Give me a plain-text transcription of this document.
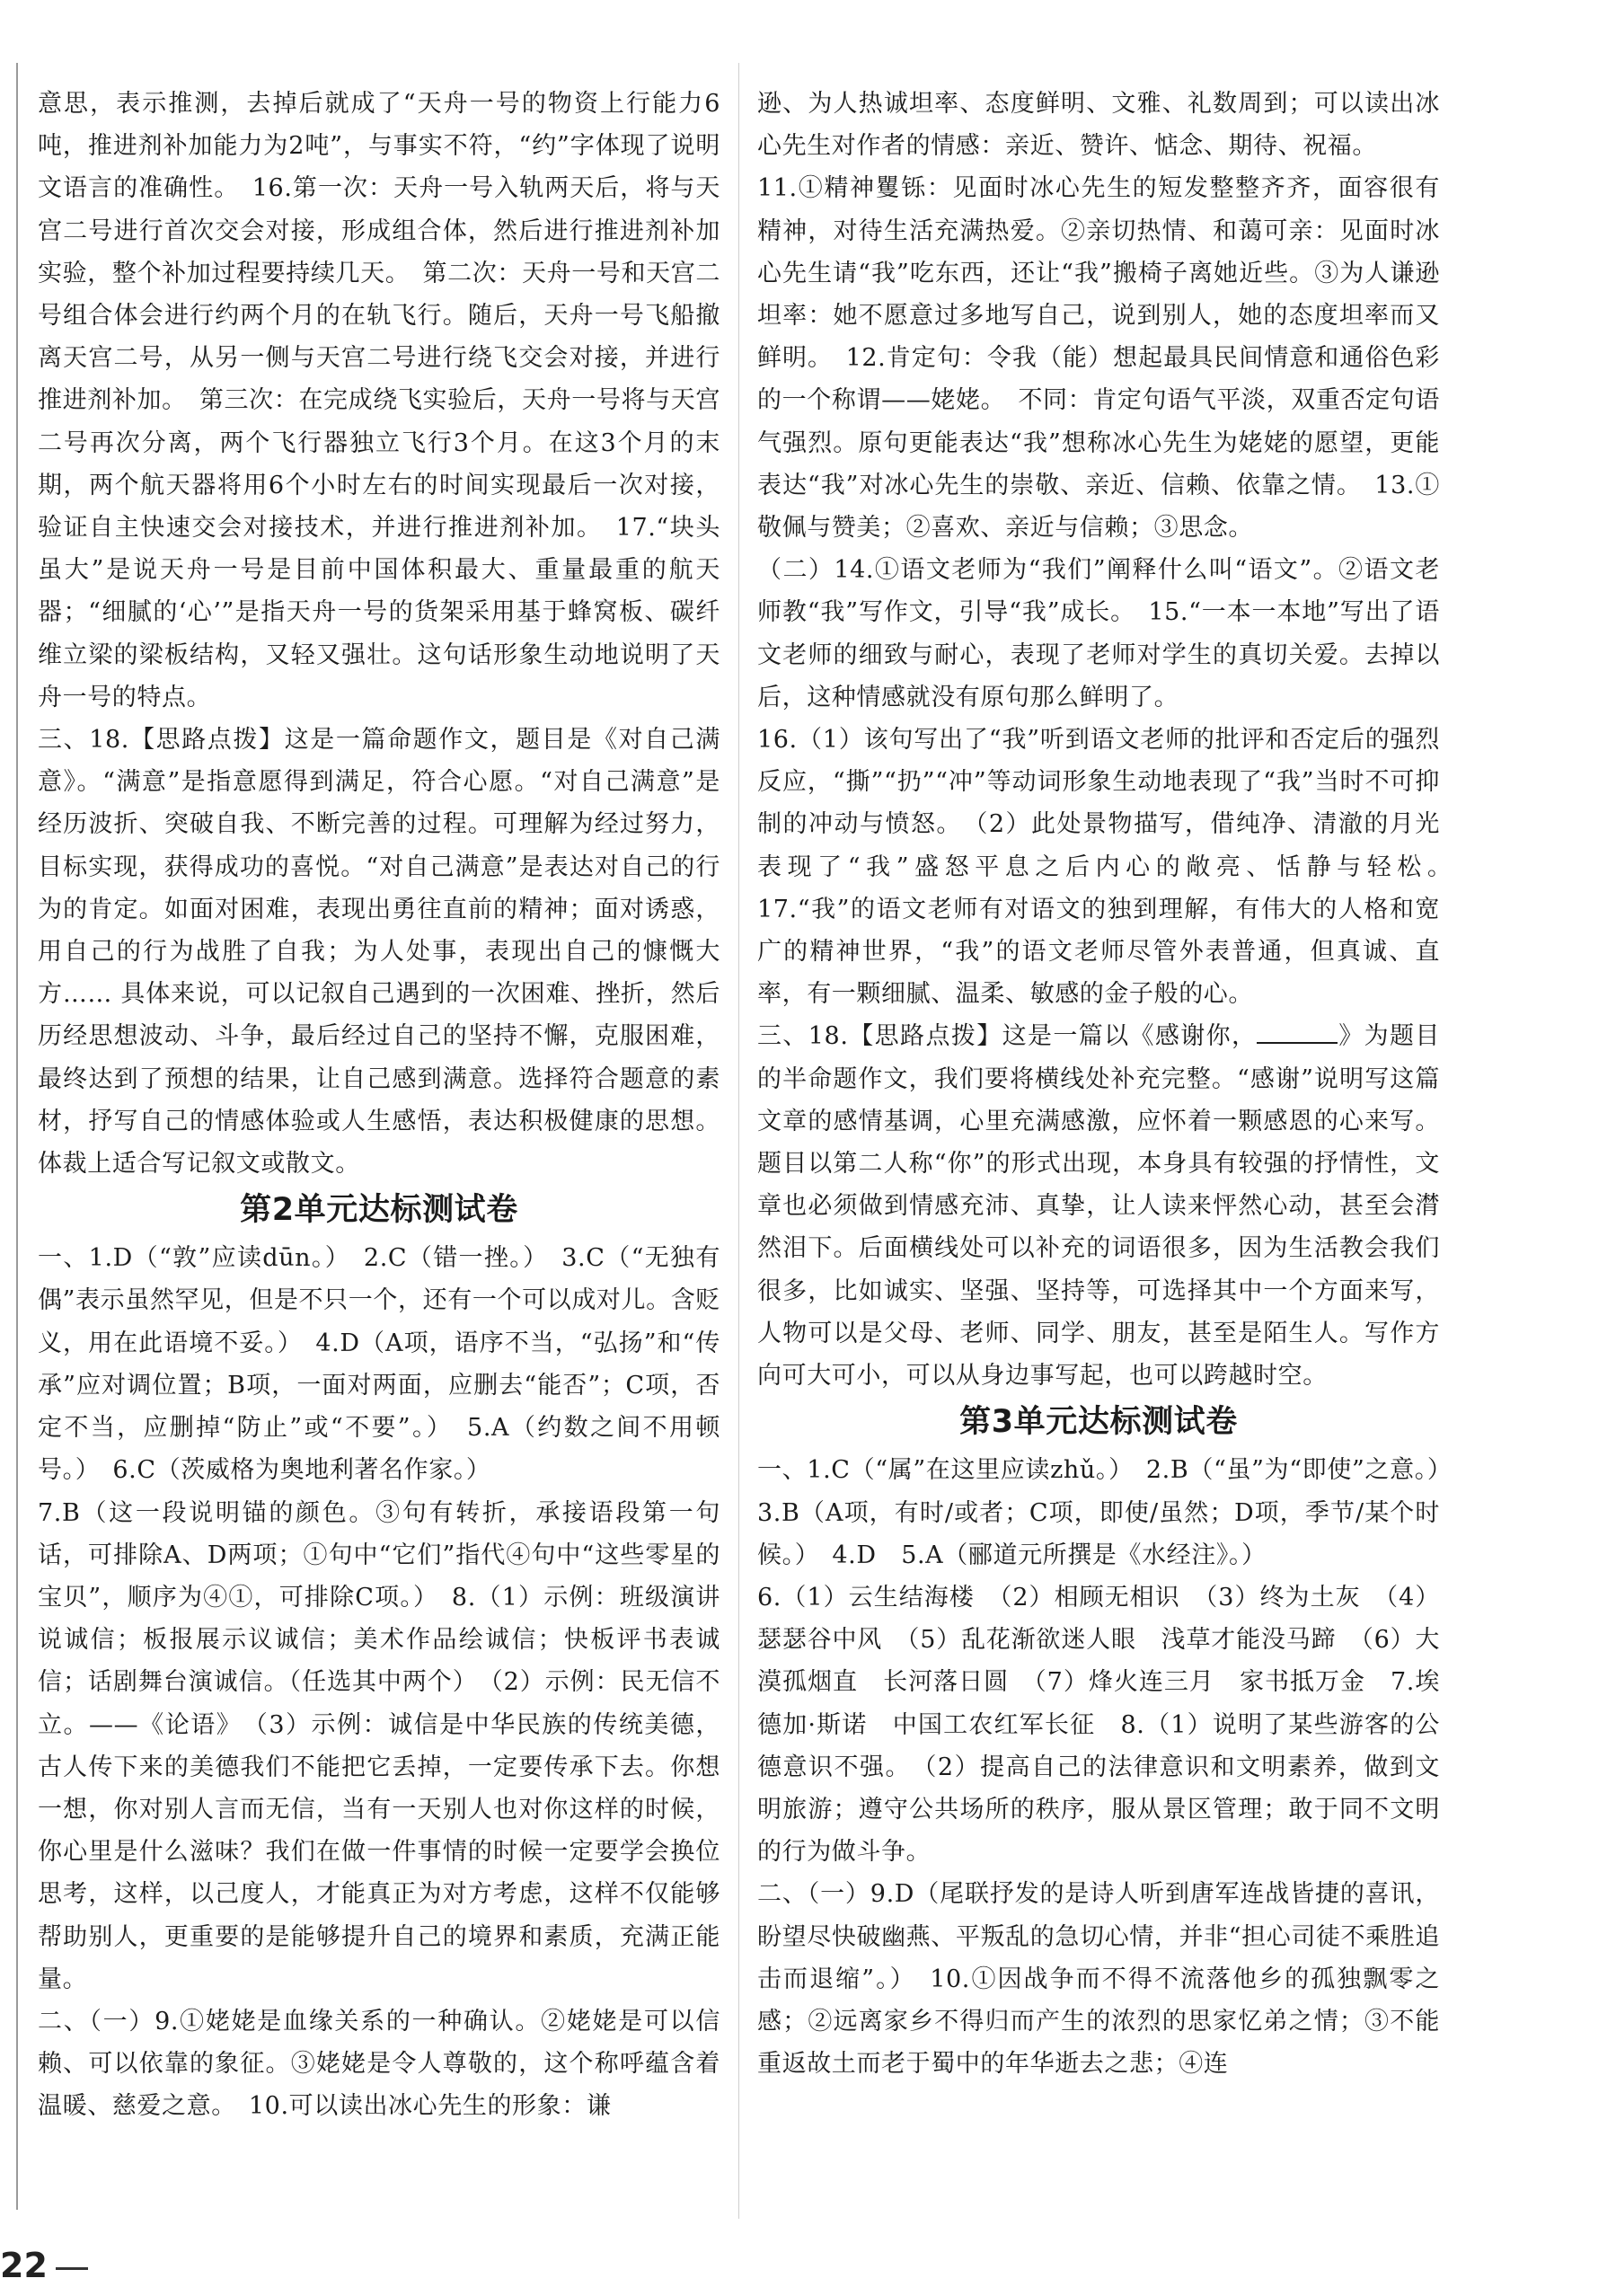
意思，表示推测，去掉后就成了“天舟一号的物资上行能力6吨，推进剂补加能力为2吨”，与事实不符，“约”字体现了说明文语言的准确性。　16.第一次：天舟一号入轨两天后，将与天宫二号进行首次交会对接，形成组合体，然后进行推进剂补加实验，整个补加过程要持续几天。　第二次：天舟一号和天宫二号组合体会进行约两个月的在轨飞行。随后，天舟一号飞船撤离天宫二号，从另一侧与天宫二号进行绕飞交会对接，并进行推进剂补加。　第三次：在完成绕飞实验后，天舟一号将与天宫二号再次分离，两个飞行器独立飞行3个月。在这3个月的末期，两个航天器将用6个小时左右的时间实现最后一次对接，验证自主快速交会对接技术，并进行推进剂补加。　17.“块头虽大”是说天舟一号是目前中国体积最大、重量最重的航天器；“细腻的‘心’”是指天舟一号的货架采用基于蜂窝板、碳纤维立梁的梁板结构，又轻又强壮。这句话形象生动地说明了天舟一号的特点。

三、18.【思路点拨】这是一篇命题作文，题目是《对自己满意》。“满意”是指意愿得到满足，符合心愿。“对自己满意”是经历波折、突破自我、不断完善的过程。可理解为经过努力，目标实现，获得成功的喜悦。“对自己满意”是表达对自己的行为的肯定。如面对困难，表现出勇往直前的精神；面对诱惑，用自己的行为战胜了自我；为人处事，表现出自己的慷慨大方…… 具体来说，可以记叙自己遇到的一次困难、挫折，然后历经思想波动、斗争，最后经过自己的坚持不懈，克服困难，最终达到了预想的结果，让自己感到满意。选择符合题意的素材，抒写自己的情感体验或人生感悟，表达积极健康的思想。体裁上适合写记叙文或散文。

第2单元达标测试卷

一、1.D（“敦”应读dūn。）　2.C（错一挫。）　3.C（“无独有偶”表示虽然罕见，但是不只一个，还有一个可以成对儿。含贬义，用在此语境不妥。）　4.D（A项，语序不当，“弘扬”和“传承”应对调位置；B项，一面对两面，应删去“能否”；C项，否定不当，应删掉“防止”或“不要”。）　5.A（约数之间不用顿号。）　6.C（茨威格为奥地利著名作家。）

7.B（这一段说明锚的颜色。③句有转折，承接语段第一句话，可排除A、D两项；①句中“它们”指代④句中“这些零星的宝贝”，顺序为④①，可排除C项。）　8.（1）示例：班级演讲说诚信；板报展示议诚信；美术作品绘诚信；快板评书表诚信；话剧舞台演诚信。（任选其中两个）　（2）示例：民无信不立。——《论语》　（3）示例：诚信是中华民族的传统美德，古人传下来的美德我们不能把它丢掉，一定要传承下去。你想一想，你对别人言而无信，当有一天别人也对你这样的时候，你心里是什么滋味？我们在做一件事情的时候一定要学会换位思考，这样，以己度人，才能真正为对方考虑，这样不仅能够帮助别人，更重要的是能够提升自己的境界和素质，充满正能量。

二、（一）9.①姥姥是血缘关系的一种确认。②姥姥是可以信赖、可以依靠的象征。③姥姥是令人尊敬的，这个称呼蕴含着温暖、慈爱之意。　10.可以读出冰心先生的形象：谦

逊、为人热诚坦率、态度鲜明、文雅、礼数周到；可以读出冰心先生对作者的情感：亲近、赞许、惦念、期待、祝福。

11.①精神矍铄：见面时冰心先生的短发整整齐齐，面容很有精神，对待生活充满热爱。②亲切热情、和蔼可亲：见面时冰心先生请“我”吃东西，还让“我”搬椅子离她近些。③为人谦逊坦率：她不愿意过多地写自己，说到别人，她的态度坦率而又鲜明。　12.肯定句：令我（能）想起最具民间情意和通俗色彩的一个称谓——姥姥。　不同：肯定句语气平淡，双重否定句语气强烈。原句更能表达“我”想称冰心先生为姥姥的愿望，更能表达“我”对冰心先生的崇敬、亲近、信赖、依靠之情。　13.①敬佩与赞美；②喜欢、亲近与信赖；③思念。

（二）14.①语文老师为“我们”阐释什么叫“语文”。②语文老师教“我”写作文，引导“我”成长。　15.“一本一本地”写出了语文老师的细致与耐心，表现了老师对学生的真切关爱。去掉以后，这种情感就没有原句那么鲜明了。

16.（1）该句写出了“我”听到语文老师的批评和否定后的强烈反应，“撕”“扔”“冲”等动词形象生动地表现了“我”当时不可抑制的冲动与愤怒。　（2）此处景物描写，借纯净、清澈的月光表现了“我”盛怒平息之后内心的敞亮、恬静与轻松。　17.“我”的语文老师有对语文的独到理解，有伟大的人格和宽广的精神世界，“我”的语文老师尽管外表普通，但真诚、直率，有一颗细腻、温柔、敏感的金子般的心。

三、18.【思路点拨】这是一篇以《感谢你，	》为题目的半命题作文，我们要将横线处补充完整。“感谢”说明写这篇文章的感情基调，心里充满感激，应怀着一颗感恩的心来写。题目以第二人称“你”的形式出现，本身具有较强的抒情性，文章也必须做到情感充沛、真挚，让人读来怦然心动，甚至会潸然泪下。后面横线处可以补充的词语很多，因为生活教会我们很多，比如诚实、坚强、坚持等，可选择其中一个方面来写，人物可以是父母、老师、同学、朋友，甚至是陌生人。写作方向可大可小，可以从身边事写起，也可以跨越时空。

第3单元达标测试卷

一、1.C（“属”在这里应读zhǔ。）　2.B（“虽”为“即使”之意。）　3.B（A项，有时/或者；C项，即使/虽然；D项，季节/某个时候。）　4.D　5.A（郦道元所撰是《水经注》。）

6.（1）云生结海楼　（2）相顾无相识　（3）终为土灰　（4）瑟瑟谷中风　（5）乱花渐欲迷人眼　浅草才能没马蹄　（6）大漠孤烟直　长河落日圆　（7）烽火连三月　家书抵万金　7.埃德加·斯诺　中国工农红军长征　8.（1）说明了某些游客的公德意识不强。　（2）提高自己的法律意识和文明素养，做到文明旅游；遵守公共场所的秩序，服从景区管理；敢于同不文明的行为做斗争。

二、（一）9.D（尾联抒发的是诗人听到唐军连战皆捷的喜讯，盼望尽快破幽燕、平叛乱的急切心情，并非“担心司徒不乘胜追击而退缩”。）　10.①因战争而不得不流落他乡的孤独飘零之感；②远离家乡不得归而产生的浓烈的思家忆弟之情；③不能重返故土而老于蜀中的年华逝去之悲；④连

22
